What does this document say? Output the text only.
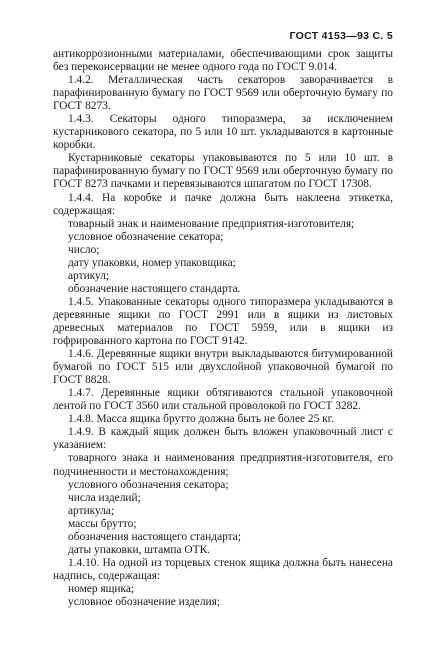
ГОСТ 4153—93 С. 5

антикоррозионными материалами, обеспечивающими срок защиты без переконсервации не менее одного года по ГОСТ 9.014.

1.4.2. Металлическая часть секаторов заворачивается в парафинированную бумагу по ГОСТ 9569 или оберточную бумагу по ГОСТ 8273.

1.4.3. Секаторы одного типоразмера, за исключением кустарникового секатора, по 5 или 10 шт. укладываются в картонные коробки.

Кустарниковые секаторы упаковываются по 5 или 10 шт. в парафинированную бумагу по ГОСТ 9569 или оберточную бумагу по ГОСТ 8273 пачками и перевязываются шпагатом по ГОСТ 17308.

1.4.4. На коробке и пачке должна быть наклеена этикетка, содержащая:

товарный знак и наименование предприятия-изготовителя;

условное обозначение секатора;

число;

дату упаковки, номер упаковщика;

артикул;

обозначение настоящего стандарта.

1.4.5. Упакованные секаторы одного типоразмера укладываются в деревянные ящики по ГОСТ 2991 или в ящики из листовых древесных материалов по ГОСТ 5959, или в ящики из гофрированного картона по ГОСТ 9142.

1.4.6. Деревянные ящики внутри выкладываются битумированной бумагой по ГОСТ 515 или двухслойной упаковочной бумагой по ГОСТ 8828.

1.4.7. Деревянные ящики обтягиваются стальной упаковочной лентой по ГОСТ 3560 или стальной проволокой по ГОСТ 3282.

1.4.8. Масса ящика брутто должна быть не более 25 кг.

1.4.9. В каждый ящик должен быть вложен упаковочный лист с указанием:

товарного знака и наименования предприятия-изготовителя, его подчиненности и местонахождения;

условного обозначения секатора;

числа изделий;

артикула;

массы брутто;

обозначения настоящего стандарта;

даты упаковки, штампа ОТК.

1.4.10. На одной из торцевых стенок ящика должна быть нанесена надпись, содержащая:

номер ящика;

условное обозначение изделия;
